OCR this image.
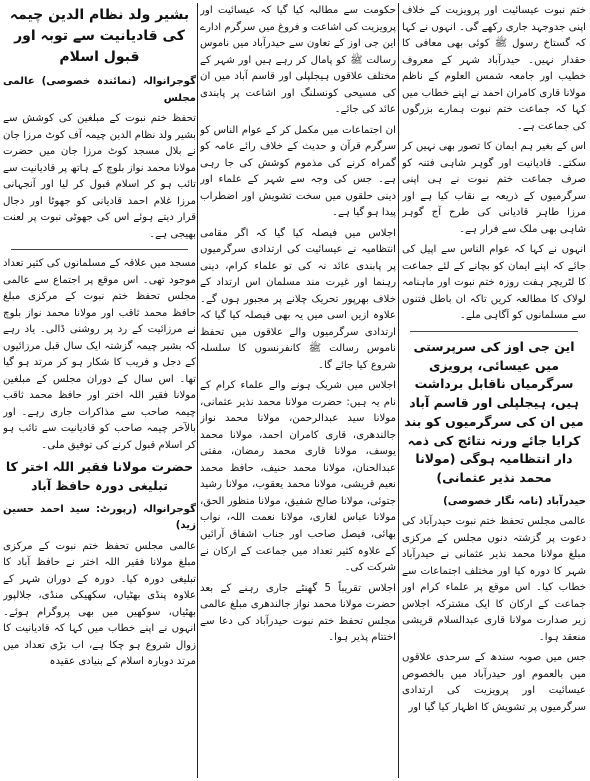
ختم نبوت عیسائیت اور پرویزیت کے خلاف اپنی جدوجہد جاری رکھے گی۔ انہوں نے کہا کہ گستاخ رسول ﷺ کوئی بھی معافی کا حقدار نہیں۔ حیدرآباد شہر کے معروف خطیب اور جامعہ شمس العلوم کے ناظم مولانا قاری کامران احمد نے اپنے خطاب میں کہا کہ جماعت ختم نبوت ہمارے بزرگوں کی جماعت ہے۔

اس کے بغیر ہم ایمان کا تصور بھی نہیں کر سکتے۔ قادیانیت اور گوہر شاہی فتنہ کو صرف جماعت ختم نبوت نے ہی اپنی سرگرمیوں کے ذریعہ بے نقاب کیا ہے اور مرزا طاہر قادیانی کی طرح آج گوہر شاہی بھی ملک سے فرار ہے۔

انہوں نے کہا کہ عوام الناس سے اپیل کی جائے کہ اپنے ایمان کو بچانے کے لئے جماعت کا لٹریچر ہفت روزہ ختم نبوت اور ماہنامہ لولاک کا مطالعہ کریں تاکہ ان باطل فتنوں سے مسلمانوں کو آگاہی ملے۔

این جی اوز کی سرپرستی میں عیسائی، پرویزی سرگرمیاں ناقابل برداشت ہیں، ہیجلپلی اور قاسم آباد میں ان کی سرگرمیوں کو بند کرایا جائے ورنہ نتائج کی ذمہ دار انتظامیہ ہوگی (مولانا محمد نذیر عثمانی)

حیدرآباد (نامہ نگار خصوصی)

عالمی مجلس تحفظ ختم نبوت حیدرآباد کی دعوت پر گزشتہ دنوں مجلس کے مرکزی مبلغ مولانا محمد نذیر عثمانی نے حیدرآباد شہر کا دورہ کیا اور مختلف اجتماعات سے خطاب کیا۔ اس موقع پر علماء کرام اور جماعت کے ارکان کا ایک مشترکہ اجلاس زیر صدارت مولانا قاری عبدالسلام قریشی منعقد ہوا۔

جس میں صوبہ سندھ کے سرحدی علاقوں میں بالعموم اور حیدرآباد میں بالخصوص عیسائیت اور پرویزیت کی ارتدادی سرگرمیوں پر تشویش کا اظہار کیا گیا اور

حکومت سے مطالبہ کیا گیا کہ عیسائیت اور پرویزیت کی اشاعت و فروغ میں سرگرم ادارے این جی اوز کے تعاون سے حیدرآباد میں ناموس رسالت ﷺ کو پامال کر رہے ہیں اور شہر کے مختلف علاقوں ہیجلپلی اور قاسم آباد میں ان کی مسیحی کونسلنگ اور اشاعت پر پابندی عائد کی جائے۔

ان اجتماعات میں مکمل کر کے عوام الناس کو سرگرم قرآن و حدیث کے خلاف رائے عامہ کو گمراہ کرنے کی مذموم کوشش کی جا رہی ہے۔ جس کی وجہ سے شہر کے علماء اور دینی حلقوں میں سخت تشویش اور اضطراب پیدا ہو گیا ہے۔

اجلاس میں فیصلہ کیا گیا کہ اگر مقامی انتظامیہ نے عیسائیت کی ارتدادی سرگرمیوں پر پابندی عائد نہ کی تو علماء کرام، دینی رہنما اور غیرت مند مسلمان اس ارتداد کے خلاف بھرپور تحریک چلانے پر مجبور ہوں گے۔ علاوہ ازیں اسی میں یہ بھی فیصلہ کیا گیا کہ ارتدادی سرگرمیوں والے علاقوں میں تحفظ ناموس رسالت ﷺ کانفرنسوں کا سلسلہ شروع کیا جائے گا۔

اجلاس میں شریک ہونے والے علماء کرام کے نام یہ ہیں: حضرت مولانا محمد نذیر عثمانی، مولانا سید عبدالرحمن، مولانا محمد نواز جالندھری، قاری کامران احمد، مولانا محمد یوسف، مولانا قاری محمد رمضان، مفتی عبدالحنان، مولانا محمد حنیف، حافظ محمد نعیم قریشی، مولانا محمد یعقوب، مولانا رشید جتوئی، مولانا صالح شفیق، مولانا منظور الحق، مولانا عباس لغاری، مولانا نعمت اللہ، نواب بھائی، فیصل صاحب اور جناب اشفاق آرائیں کے علاوہ کثیر تعداد میں جماعت کے ارکان نے شرکت کی۔

اجلاس تقریباً 5 گھنٹے جاری رہنے کے بعد حضرت مولانا محمد نواز جالندھری مبلغ عالمی مجلس تحفظ ختم نبوت حیدرآباد کی دعا سے اختتام پذیر ہوا۔

بشیر ولد نظام الدین چیمہ کی قادیانیت سے توبہ اور قبول اسلام

گوجرانوالہ (نمائندہ خصوصی) عالمی مجلس

تحفظ ختم نبوت کے مبلغین کی کوشش سے بشیر ولد نظام الدین چیمہ آف کوٹ مرزا جان نے بلال مسجد کوٹ مرزا جان میں حضرت مولانا محمد نواز بلوچ کے ہاتھ پر قادیانیت سے تائب ہو کر اسلام قبول کر لیا اور آنجہانی مرزا غلام احمد قادیانی کو جھوٹا اور دجال قرار دیتے ہوئے اس کی جھوٹی نبوت پر لعنت بھیجی ہے۔

مسجد میں علاقہ کے مسلمانوں کی کثیر تعداد موجود تھی۔ اس موقع پر اجتماع سے عالمی مجلس تحفظ ختم نبوت کے مرکزی مبلغ حافظ محمد ثاقب اور مولانا محمد نواز بلوچ نے مرزائیت کے رد پر روشنی ڈالی۔ یاد رہے کہ بشیر چیمہ گزشتہ ایک سال قبل مرزائیوں کے دجل و فریب کا شکار ہو کر مرتد ہو گیا تھا۔ اس سال کے دوران مجلس کے مبلغین مولانا فقیر اللہ اختر اور حافظ محمد ثاقب چیمہ صاحب سے مذاکرات جاری رہے۔ اور بالآخر چیمہ صاحب کو قادیانیت سے تائب ہو کر اسلام قبول کرنے کی توفیق ملی۔

حضرت مولانا فقیر اللہ اختر کا تبلیغی دورہ حافظ آباد

گوجرانوالہ (رپورٹ: سید احمد حسین زید)

عالمی مجلس تحفظ ختم نبوت کے مرکزی مبلغ مولانا فقیر اللہ اختر نے حافظ آباد کا تبلیغی دورہ کیا۔ دورہ کے دوران شہر کے علاوہ پنڈی بھٹیاں، سکھیکی منڈی، جلالپور بھٹیاں، سوکھیں میں بھی پروگرام ہوئے۔ انہوں نے اپنے خطاب میں کہا کہ قادیانیت کا زوال شروع ہو چکا ہے، اب بڑی تعداد میں مرتد دوبارہ اسلام کے بنیادی عقیدہ
